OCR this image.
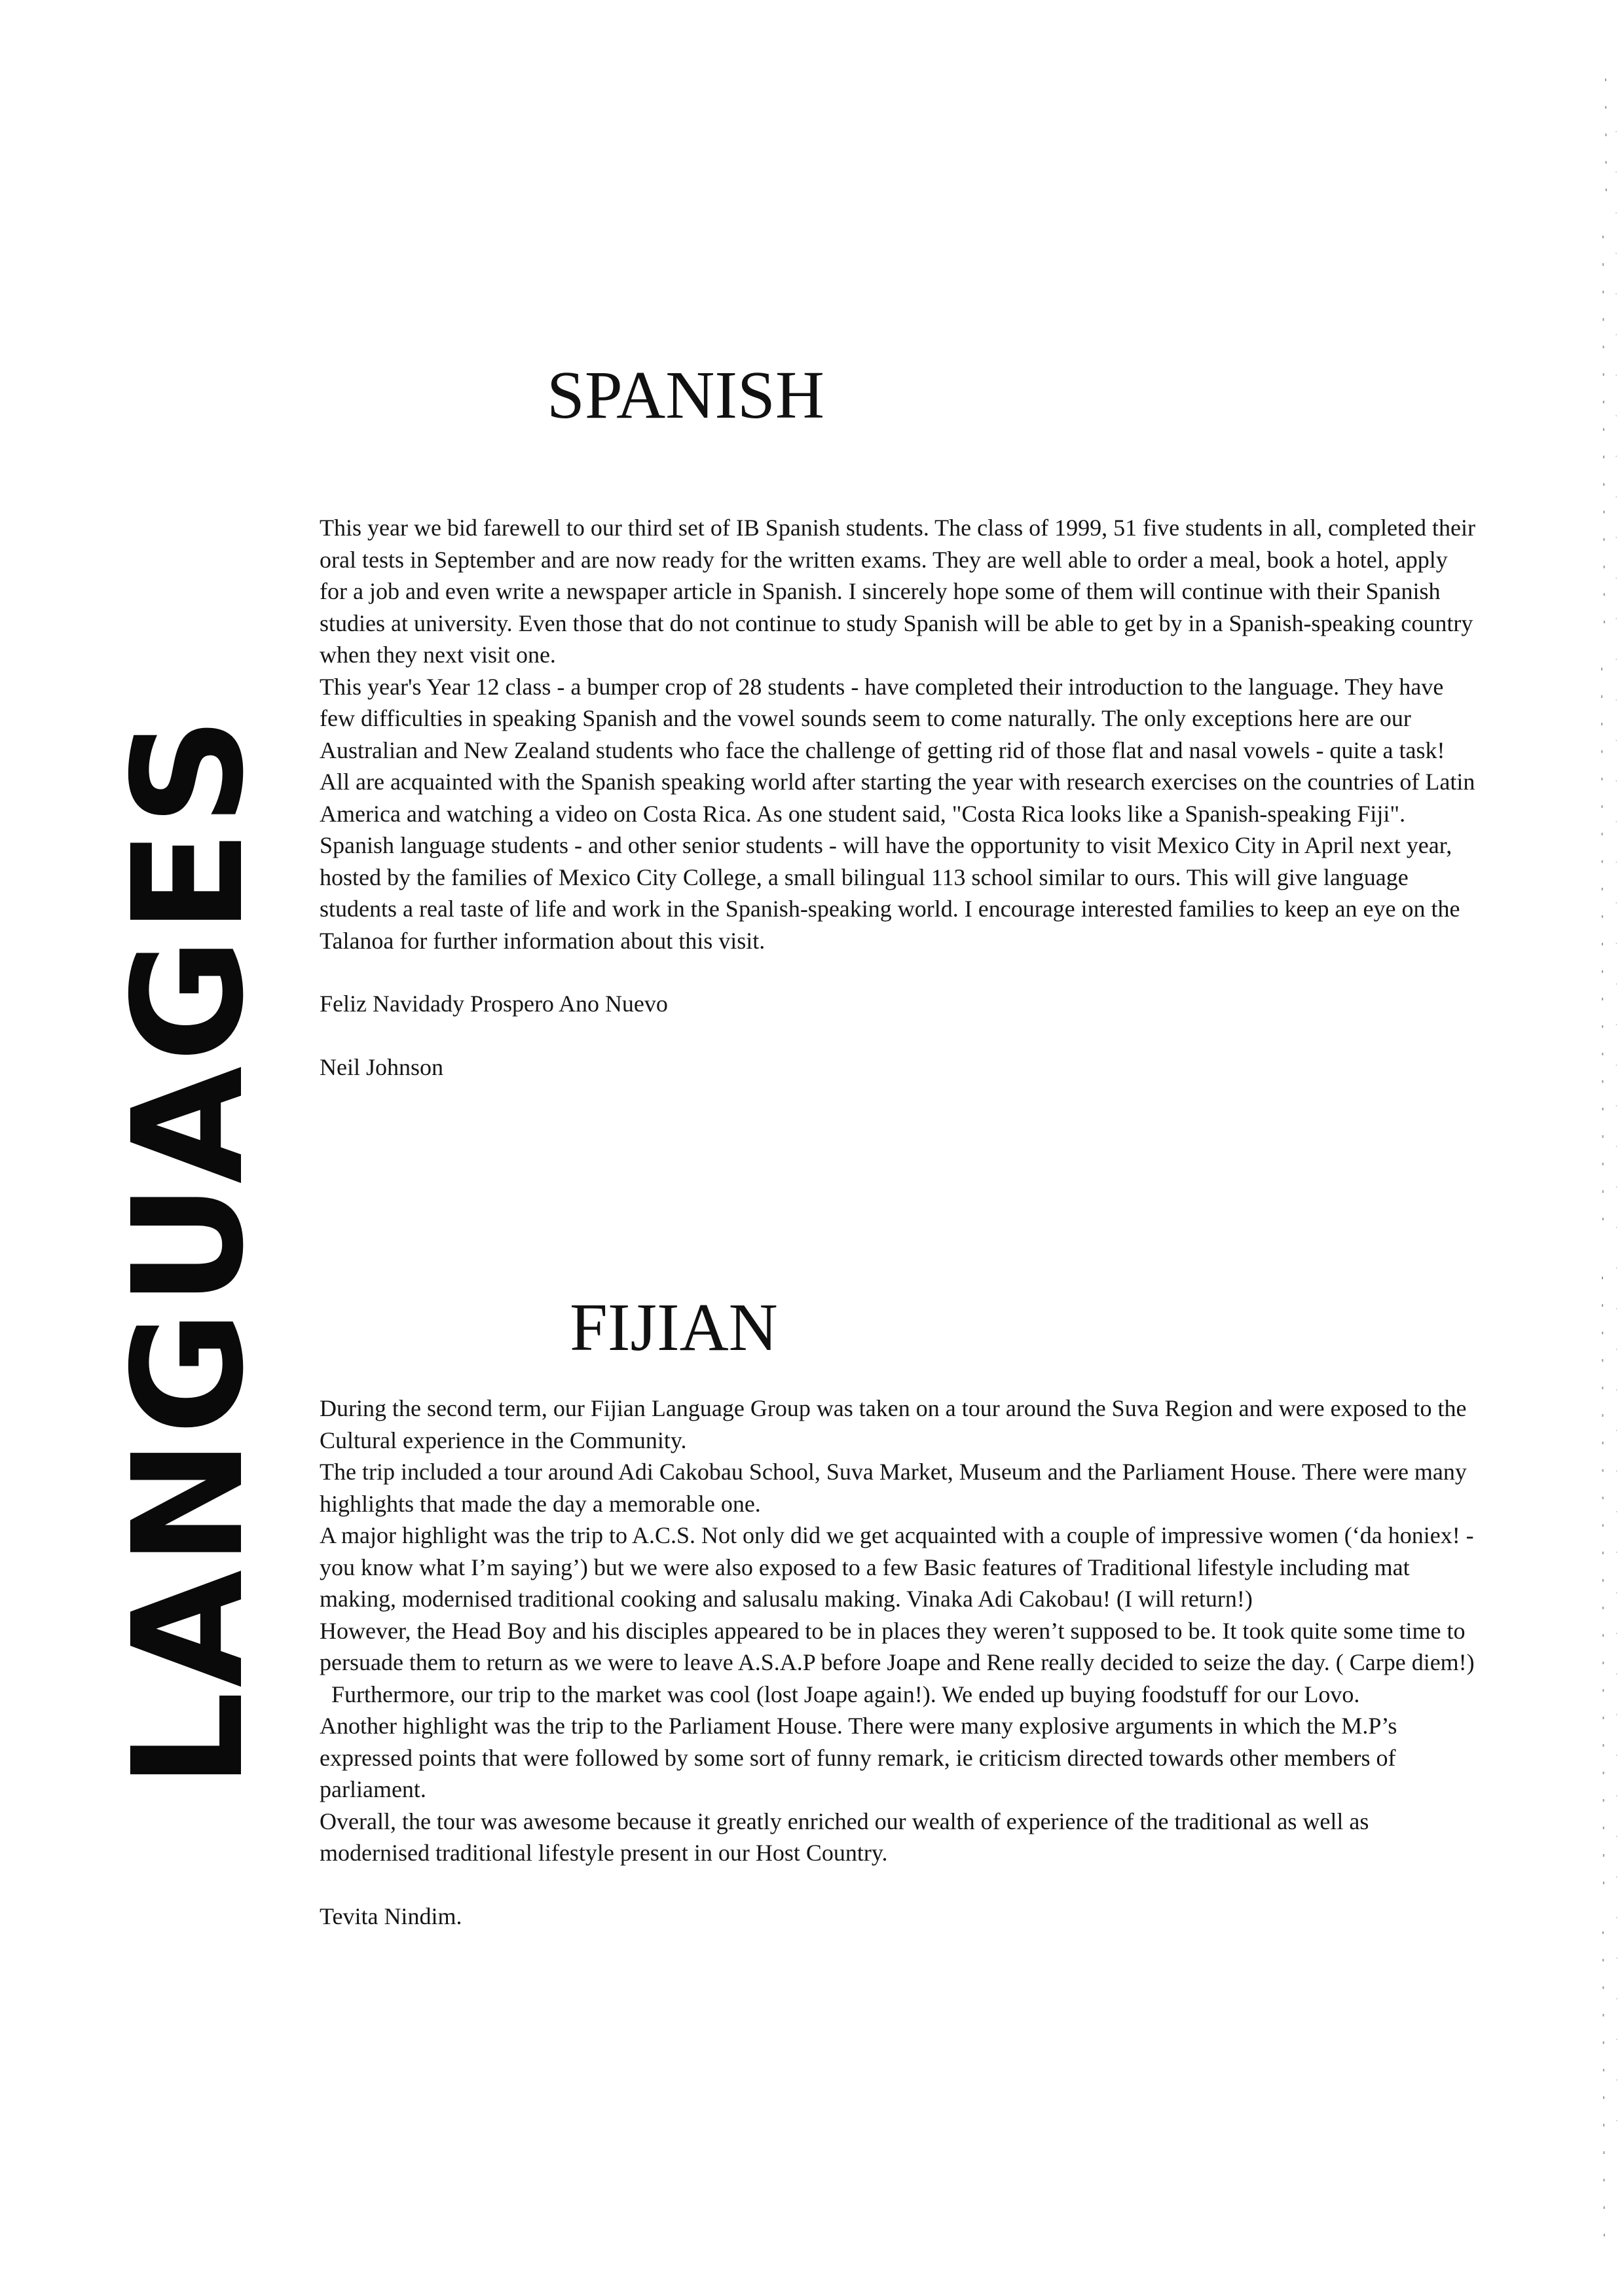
LANGUAGES
SPANISH

This year we bid farewell to our third set of IB Spanish students. The class of 1999, 51 five students in all, completed their oral tests in September and are now ready for the written exams. They are well able to order a meal, book a hotel, apply for a job and even write a newspaper article in Spanish. I sincerely hope some of them will continue with their Spanish studies at university. Even those that do not continue to study Spanish will be able to get by in a Spanish-speaking country when they next visit one.

This year's Year 12 class - a bumper crop of 28 students - have completed their introduction to the language. They have few difficulties in speaking Spanish and the vowel sounds seem to come naturally. The only exceptions here are our Australian and New Zealand students who face the challenge of getting rid of those flat and nasal vowels - quite a task! All are acquainted with the Spanish speaking world after starting the year with research exercises on the countries of Latin America and watching a video on Costa Rica. As one student said, "Costa Rica looks like a Spanish-speaking Fiji".

Spanish language students - and other senior students - will have the opportunity to visit Mexico City in April next year, hosted by the families of Mexico City College, a small bilingual 113 school similar to ours. This will give language students a real taste of life and work in the Spanish-speaking world. I encourage interested families to keep an eye on the Talanoa for further information about this visit.

Feliz Navidady Prospero Ano Nuevo

Neil Johnson

FIJIAN

During the second term, our Fijian Language Group was taken on a tour around the Suva Region and were exposed to the Cultural experience in the Community.

The trip included a tour around Adi Cakobau School, Suva Market, Museum and the Parliament House. There were many highlights that made the day a memorable one.

A major highlight was the trip to A.C.S. Not only did we get acquainted with a couple of impressive women (‘da honiex! -you know what I’m saying’) but we were also exposed to a few Basic features of Traditional lifestyle including mat making, modernised traditional cooking and salusalu making. Vinaka Adi Cakobau! (I will return!)

However, the Head Boy and his disciples appeared to be in places they weren’t supposed to be. It took quite some time to persuade them to return as we were to leave A.S.A.P before Joape and Rene really decided to seize the day. ( Carpe diem!)

Furthermore, our trip to the market was cool (lost Joape again!). We ended up buying foodstuff for our Lovo.

Another highlight was the trip to the Parliament House. There were many explosive arguments in which the M.P’s expressed points that were followed by some sort of funny remark, ie criticism directed towards other members of parliament.

Overall, the tour was awesome because it greatly enriched our wealth of experience of the traditional as well as modernised traditional lifestyle present in our Host Country.

Tevita Nindim.
